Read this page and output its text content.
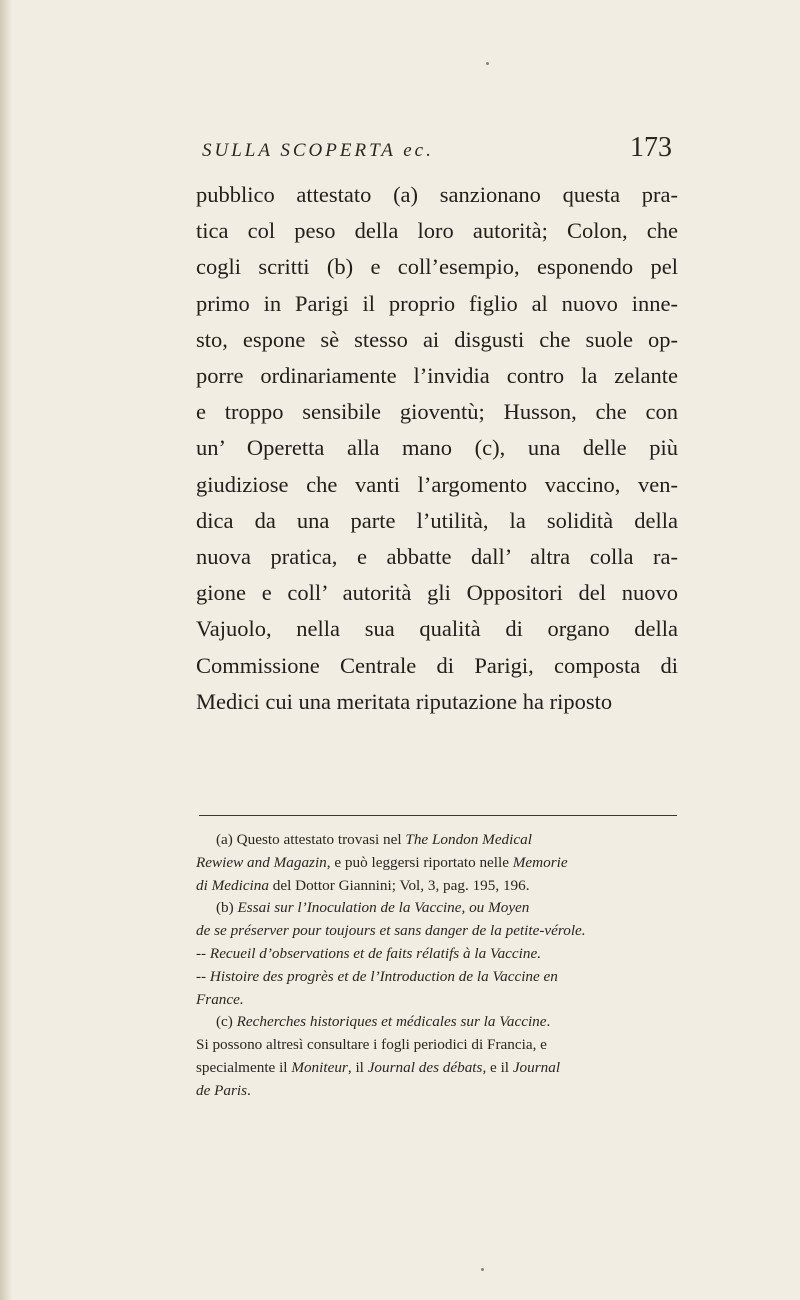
SULLA SCOPERTA ec.	173

pubblico attestato (a) sanzionano questa pra-
tica col peso della loro autorità; Colon, che
cogli scritti (b) e coll’esempio, esponendo pel
primo in Parigi il proprio figlio al nuovo inne-
sto, espone sè stesso ai disgusti che suole op-
porre ordinariamente l’invidia contro la zelante
e troppo sensibile gioventù; Husson, che con
un’ Operetta alla mano (c), una delle più
giudiziose che vanti l’argomento vaccino, ven-
dica da una parte l’utilità, la solidità della
nuova pratica, e abbatte dall’ altra colla ra-
gione e coll’ autorità gli Oppositori del nuovo
Vajuolo, nella sua qualità di organo della
Commissione Centrale di Parigi, composta di
Medici cui una meritata riputazione ha riposto

(a) Questo attestato trovasi nel The London Medical
Rewiew and Magazin, e può leggersi riportato nelle Memorie
di Medicina del Dottor Giannini; Vol, 3, pag. 195, 196.
(b) Essai sur l’Inoculation de la Vaccine, ou Moyen
de se préserver pour toujours et sans danger de la petite-vérole.
-- Recueil d’observations et de faits rélatifs à la Vaccine.
-- Histoire des progrès et de l’Introduction de la Vaccine en
France.
(c) Recherches historiques et médicales sur la Vaccine.
Si possono altresì consultare i fogli periodici di Francia, e
specialmente il Moniteur, il Journal des débats, e il Journal
de Paris.
